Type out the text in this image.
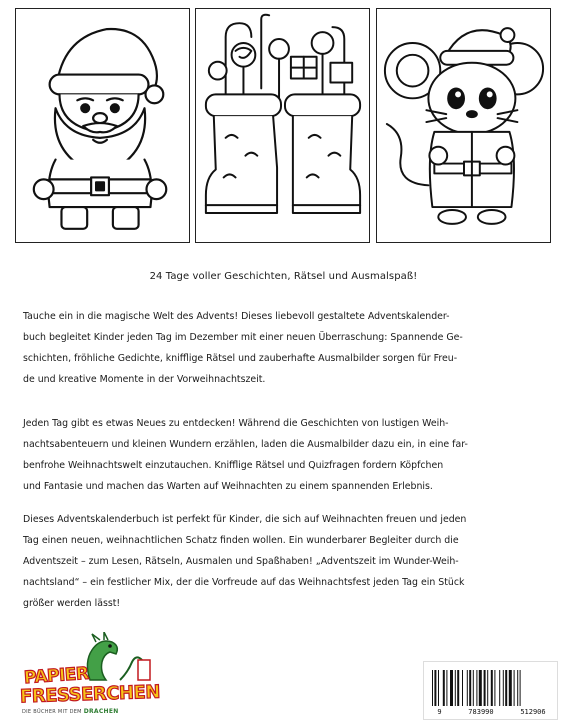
24 Tage voller Geschichten, Rätsel und Ausmalspaß!

Tauche ein in die magische Welt des Advents! Dieses liebevoll gestaltete Adventskalender-
buch begleitet Kinder jeden Tag im Dezember mit einer neuen Überraschung: Spannende Ge-
schichten, fröhliche Gedichte, knifflige Rätsel und zauberhafte Ausmalbilder sorgen für Freu-
de und kreative Momente in der Vorweihnachtszeit.

Jeden Tag gibt es etwas Neues zu entdecken! Während die Geschichten von lustigen Weih-
nachtsabenteuern und kleinen Wundern erzählen, laden die Ausmalbilder dazu ein, in eine far-
benfrohe Weihnachtswelt einzutauchen. Knifflige Rätsel und Quizfragen fordern Köpfchen
und Fantasie und machen das Warten auf Weihnachten zu einem spannenden Erlebnis.

Dieses Adventskalenderbuch ist perfekt für Kinder, die sich auf Weihnachten freuen und jeden
Tag einen neuen, weihnachtlichen Schatz finden wollen. Ein wunderbarer Begleiter durch die
Adventszeit – zum Lesen, Rätseln, Ausmalen und Spaßhaben! „Adventszeit im Wunder-Weih-
nachtsland“ – ein festlicher Mix, der die Vorfreude auf das Weihnachtsfest jeden Tag ein Stück
größer werden lässt!

PAPIER
FRESSERCHEN
DIE BÜCHER MIT DEM DRACHEN	9	783990	512906
